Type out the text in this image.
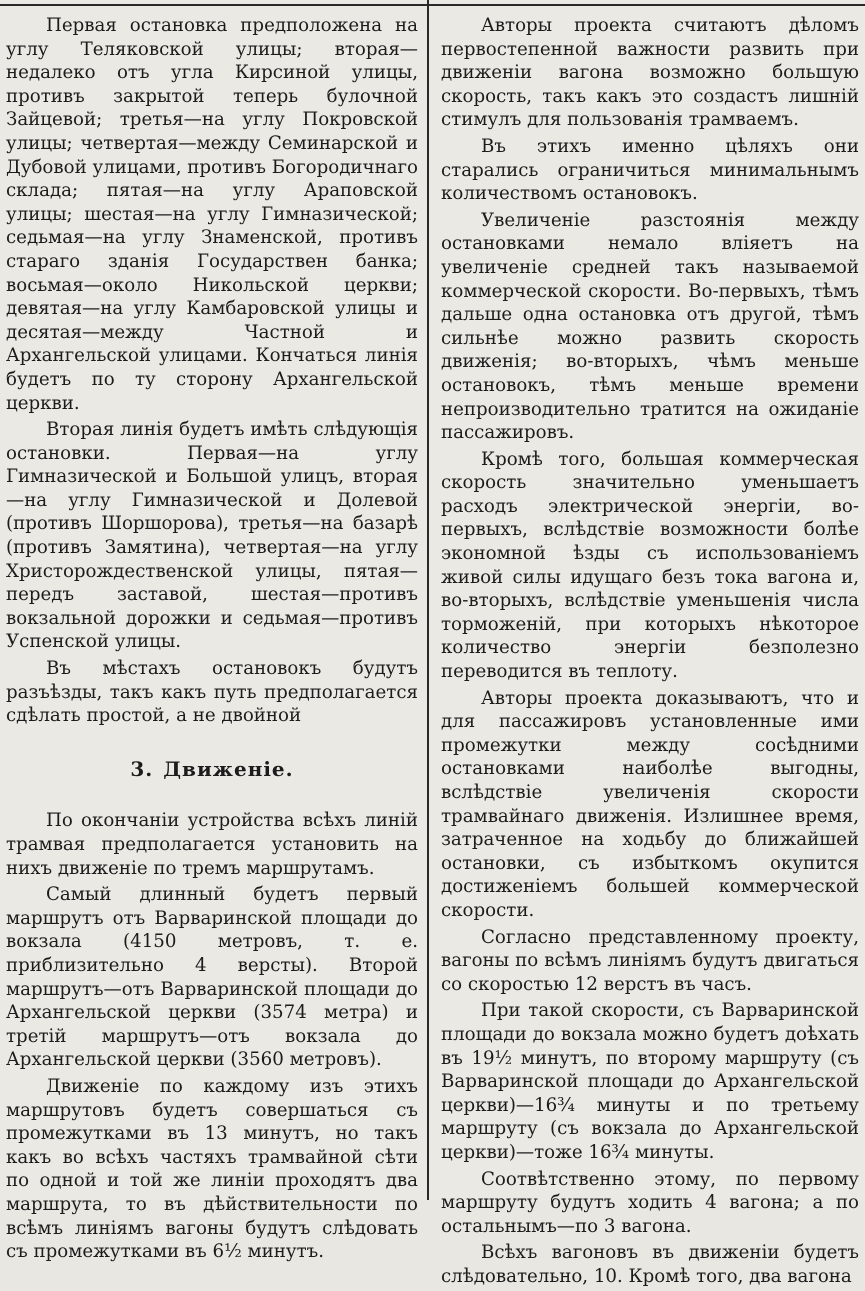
Первая остановка предположена на углу Теляковской улицы; вторая—недалеко отъ угла Кирсиной улицы, противъ закрытой теперь булочной Зайцевой; третья—на углу Покровской улицы; четвертая—между Семинарской и Дубовой улицами, противъ Богородичнаго склада; пятая—на углу Араповской улицы; шестая—на углу Гимназической; седьмая—на углу Знаменской, противъ стараго зданія Государствен банка; восьмая—около Никольской церкви; девятая—на углу Камбаровской улицы и десятая—между Частной и Архангельской улицами. Кончаться линія будетъ по ту сторону Архангельской церкви.

Вторая линія будетъ имѣть слѣдующія остановки. Первая—на углу Гимназической и Большой улицъ, вторая—на углу Гимназической и Долевой (противъ Шоршорова), третья—на базарѣ (противъ Замятина), четвертая—на углу Христорождественской улицы, пятая—передъ заставой, шестая—противъ вокзальной дорожки и седьмая—противъ Успенской улицы.

Въ мѣстахъ остановокъ будутъ разъѣзды, такъ какъ путь предполагается сдѣлать простой, а не двойной

3. Движеніе.

По окончаніи устройства всѣхъ линій трамвая предполагается установить на нихъ движеніе по тремъ маршрутамъ.

Самый длинный будетъ первый маршрутъ отъ Варваринской площади до вокзала (4150 метровъ, т. е. приблизительно 4 версты). Второй маршрутъ—отъ Варваринской площади до Архангельской церкви (3574 метра) и третій маршрутъ—отъ вокзала до Архангельской церкви (3560 метровъ).

Движеніе по каждому изъ этихъ маршрутовъ будетъ совершаться съ промежутками въ 13 минутъ, но такъ какъ во всѣхъ частяхъ трамвайной сѣти по одной и той же линіи проходятъ два маршрута, то въ дѣйствительности по всѣмъ линіямъ вагоны будутъ слѣдовать съ промежутками въ 6½ минутъ.

Авторы проекта считаютъ дѣломъ первостепенной важности развить при движеніи вагона возможно большую скорость, такъ какъ это создастъ лишній стимулъ для пользованія трамваемъ.

Въ этихъ именно цѣляхъ они старались ограничиться минимальнымъ количествомъ остановокъ.

Увеличеніе разстоянія между остановками немало вліяетъ на увеличеніе средней такъ называемой коммерческой скорости. Во-первыхъ, тѣмъ дальше одна остановка отъ другой, тѣмъ сильнѣе можно развить скорость движенія; во-вторыхъ, чѣмъ меньше остановокъ, тѣмъ меньше времени непроизводительно тратится на ожиданіе пассажировъ.

Кромѣ того, большая коммерческая скорость значительно уменьшаетъ расходъ электрической энергіи, во-первыхъ, вслѣдствіе возможности болѣе экономной ѣзды съ использованіемъ живой силы идущаго безъ тока вагона и, во-вторыхъ, вслѣдствіе уменьшенія числа торможеній, при которыхъ нѣкоторое количество энергіи безполезно переводится въ теплоту.

Авторы проекта доказываютъ, что и для пассажировъ установленные ими промежутки между сосѣдними остановками наиболѣе выгодны, вслѣдствіе увеличенія скорости трамвайнаго движенія. Излишнее время, затраченное на ходьбу до ближайшей остановки, съ избыткомъ окупится достиженіемъ большей коммерческой скорости.

Согласно представленному проекту, вагоны по всѣмъ линіямъ будутъ двигаться со скоростью 12 верстъ въ часъ.

При такой скорости, съ Варваринской площади до вокзала можно будетъ доѣхать въ 19½ минутъ, по второму маршруту (съ Варваринской площади до Архангельской церкви)—16¾ минуты и по третьему маршруту (съ вокзала до Архангельской церкви)—тоже 16¾ минуты.

Соотвѣтственно этому, по первому маршруту будутъ ходить 4 вагона; а по остальнымъ—по 3 вагона.

Всѣхъ вагоновъ въ движеніи будетъ слѣдовательно, 10. Кромѣ того, два вагона
